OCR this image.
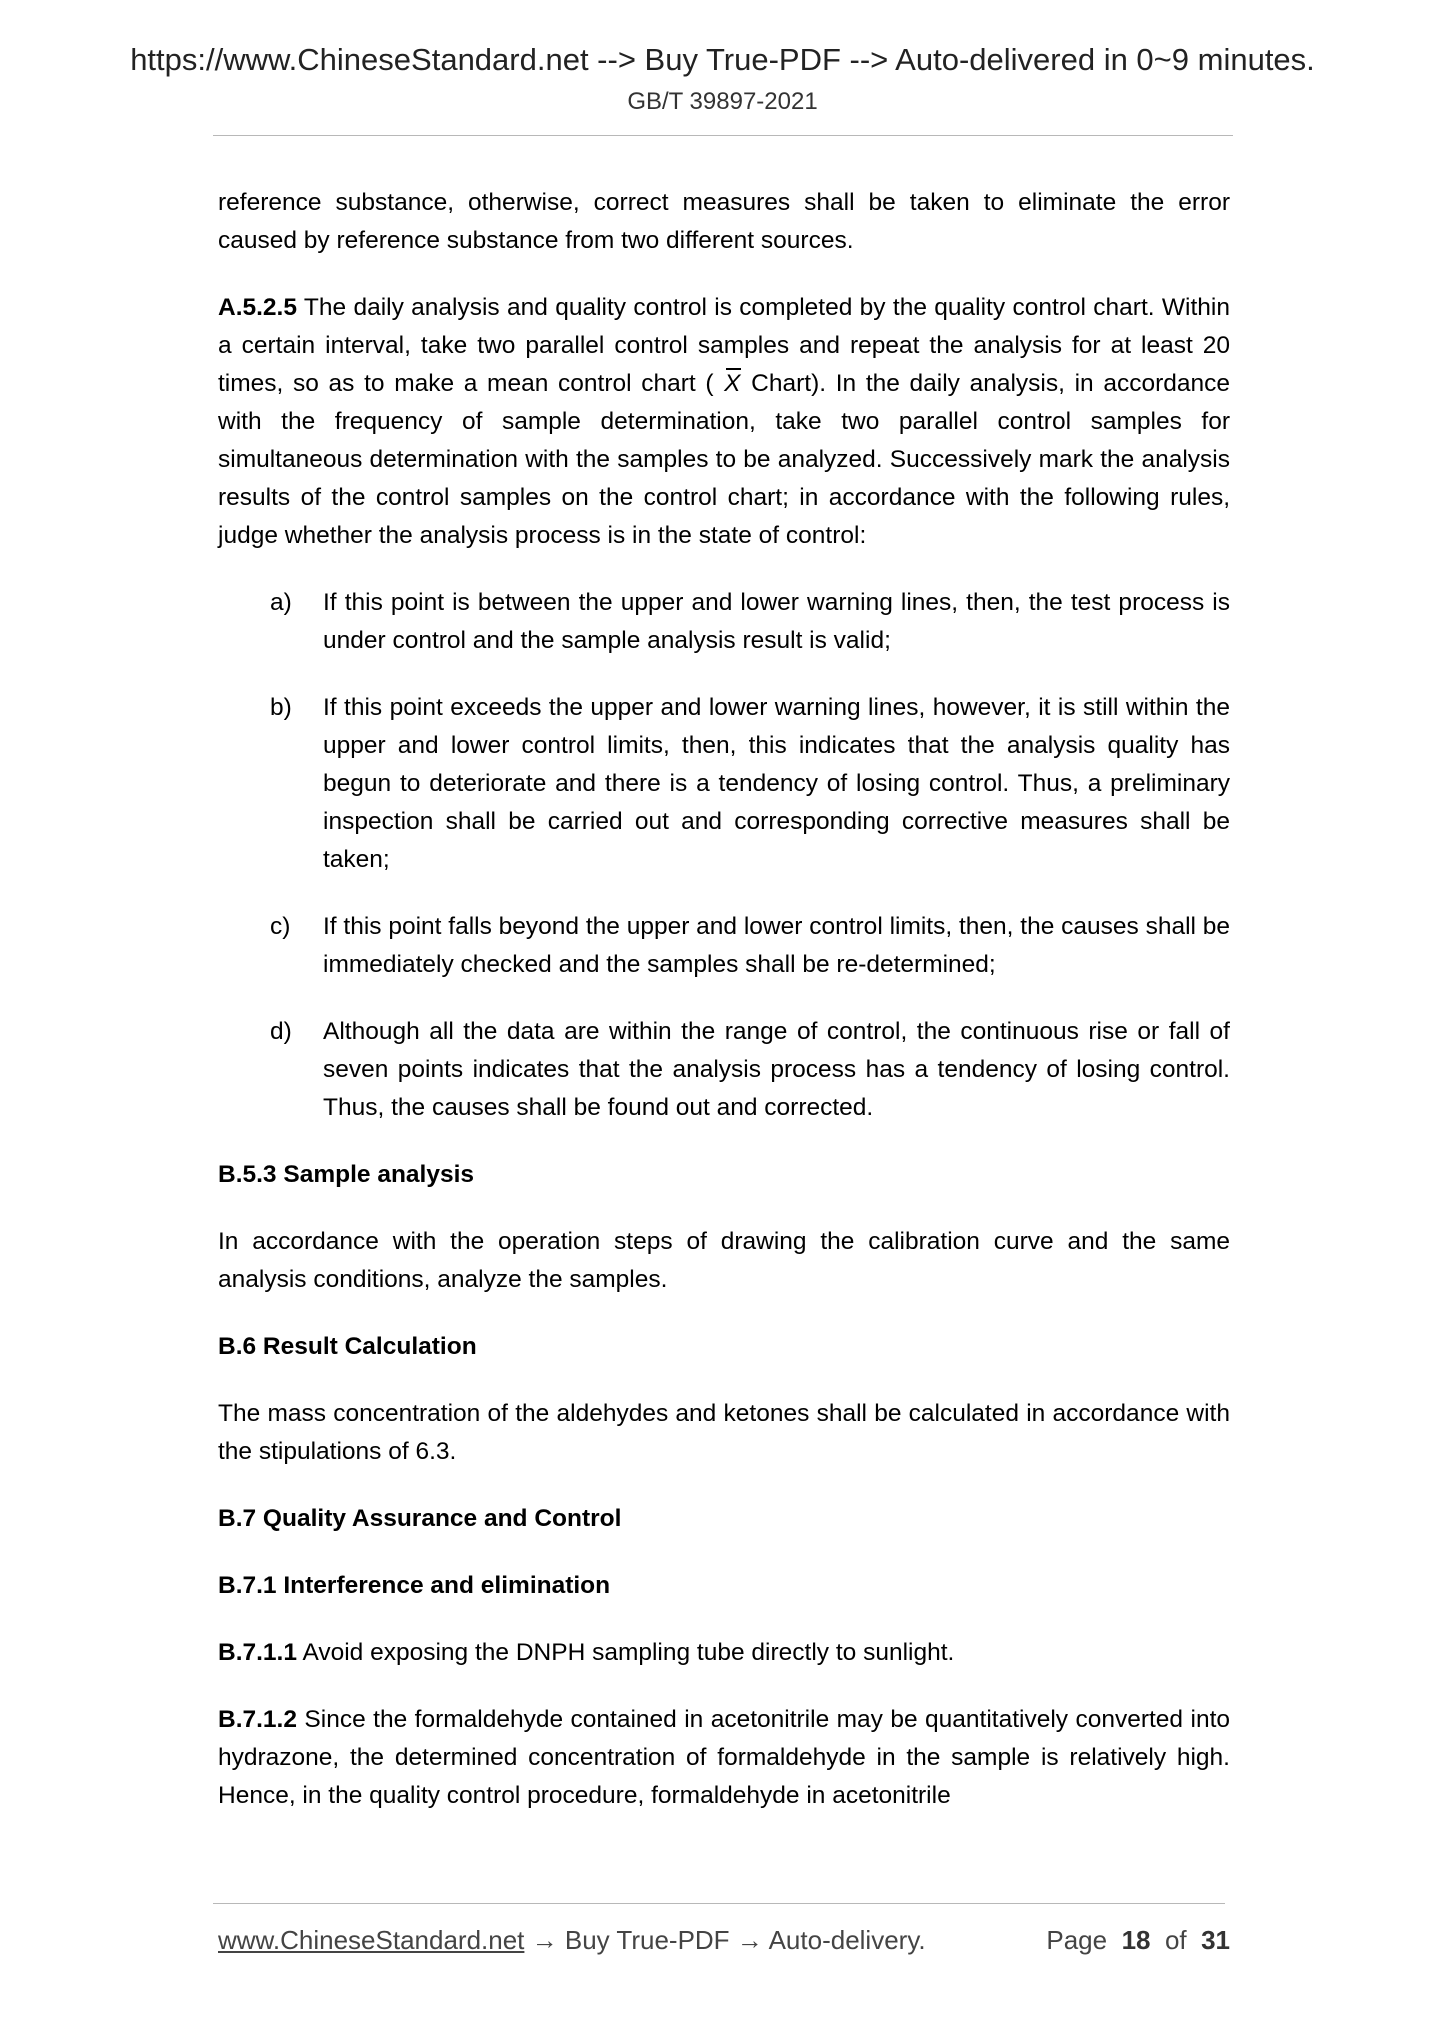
https://www.ChineseStandard.net --> Buy True-PDF --> Auto-delivered in 0~9 minutes.
GB/T 39897-2021

reference substance, otherwise, correct measures shall be taken to eliminate the error caused by reference substance from two different sources.

A.5.2.5 The daily analysis and quality control is completed by the quality control chart. Within a certain interval, take two parallel control samples and repeat the analysis for at least 20 times, so as to make a mean control chart ( X Chart). In the daily analysis, in accordance with the frequency of sample determination, take two parallel control samples for simultaneous determination with the samples to be analyzed. Successively mark the analysis results of the control samples on the control chart; in accordance with the following rules, judge whether the analysis process is in the state of control:

a) If this point is between the upper and lower warning lines, then, the test process is under control and the sample analysis result is valid;
b) If this point exceeds the upper and lower warning lines, however, it is still within the upper and lower control limits, then, this indicates that the analysis quality has begun to deteriorate and there is a tendency of losing control. Thus, a preliminary inspection shall be carried out and corresponding corrective measures shall be taken;
c) If this point falls beyond the upper and lower control limits, then, the causes shall be immediately checked and the samples shall be re-determined;
d) Although all the data are within the range of control, the continuous rise or fall of seven points indicates that the analysis process has a tendency of losing control. Thus, the causes shall be found out and corrected.

B.5.3 Sample analysis

In accordance with the operation steps of drawing the calibration curve and the same analysis conditions, analyze the samples.

B.6 Result Calculation

The mass concentration of the aldehydes and ketones shall be calculated in accordance with the stipulations of 6.3.

B.7 Quality Assurance and Control

B.7.1 Interference and elimination

B.7.1.1 Avoid exposing the DNPH sampling tube directly to sunlight.

B.7.1.2 Since the formaldehyde contained in acetonitrile may be quantitatively converted into hydrazone, the determined concentration of formaldehyde in the sample is relatively high. Hence, in the quality control procedure, formaldehyde in acetonitrile

www.ChineseStandard.net → Buy True-PDF → Auto-delivery.	Page 18 of 31
